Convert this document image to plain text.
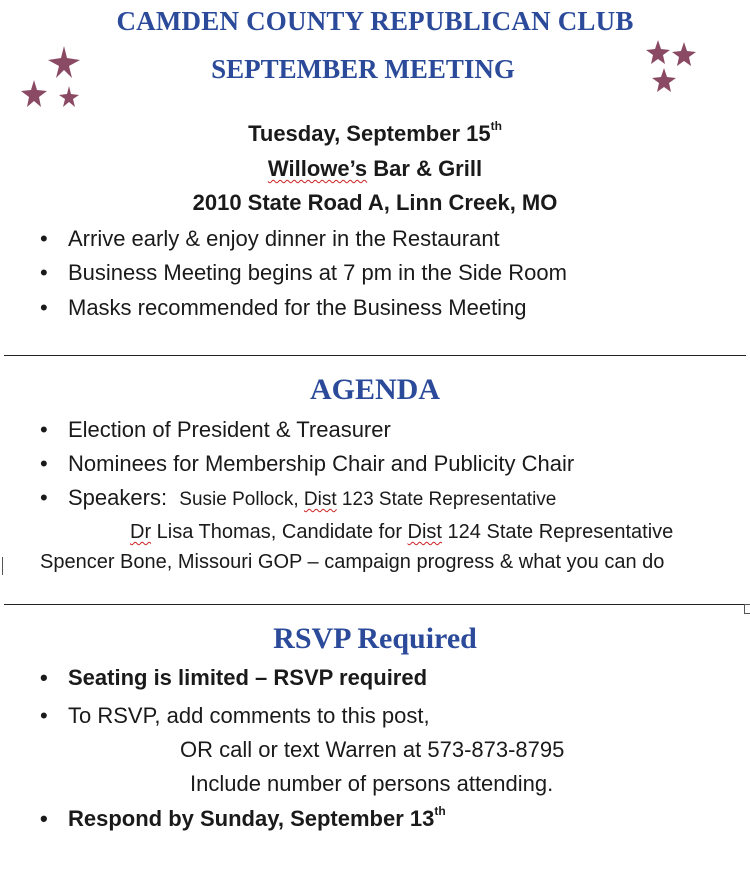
CAMDEN COUNTY REPUBLICAN CLUB
SEPTEMBER MEETING
Tuesday, September 15th
Willowe’s Bar & Grill
2010 State Road A, Linn Creek, MO
• Arrive early & enjoy dinner in the Restaurant
• Business Meeting begins at 7 pm in the Side Room
• Masks recommended for the Business Meeting
AGENDA
• Election of President & Treasurer
• Nominees for Membership Chair and Publicity Chair
• Speakers: Susie Pollock, Dist 123 State Representative
Dr Lisa Thomas, Candidate for Dist 124 State Representative
Spencer Bone, Missouri GOP – campaign progress & what you can do
RSVP Required
• Seating is limited – RSVP required
• To RSVP, add comments to this post,
OR call or text Warren at 573-873-8795
Include number of persons attending.
• Respond by Sunday, September 13th
